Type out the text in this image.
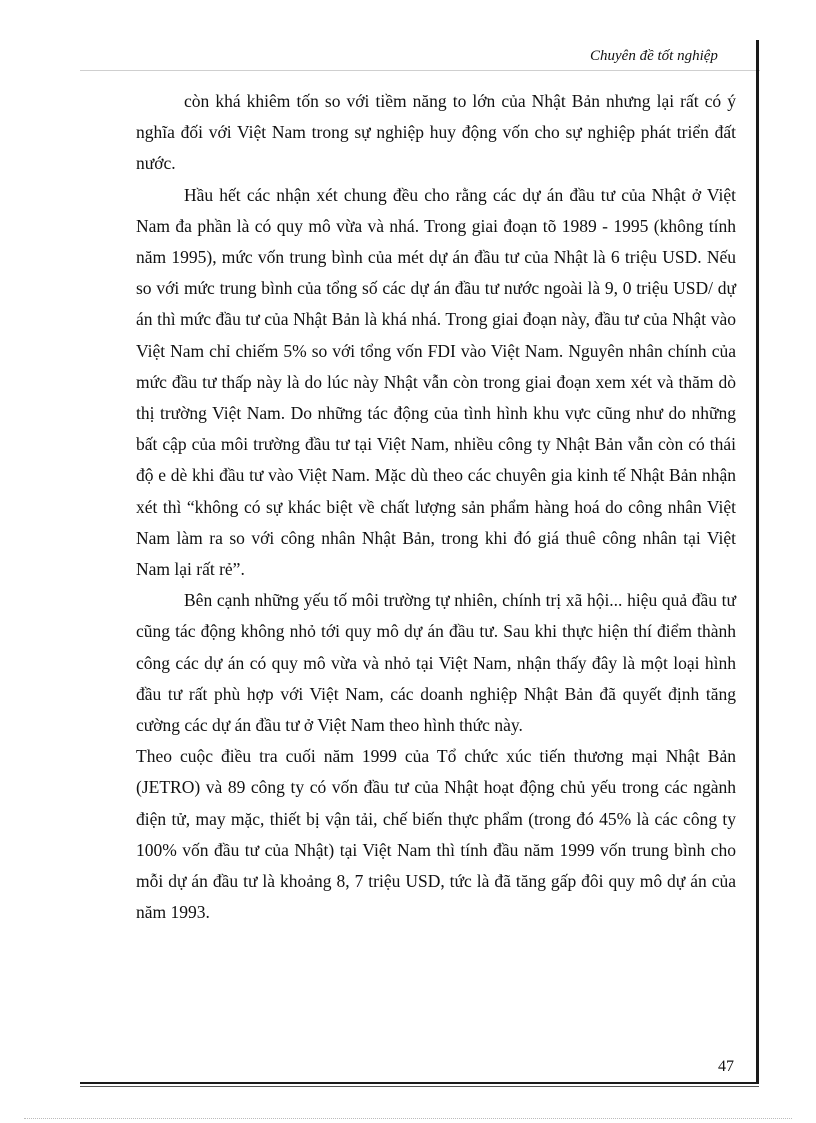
Chuyên đề tốt nghiệp

còn khá khiêm tốn so với tiềm năng to lớn của Nhật Bản nhưng lại rất có ý nghĩa đối với Việt Nam trong sự nghiệp huy động vốn cho sự nghiệp phát triển đất nước.

Hầu hết các nhận xét chung đều cho rằng các dự án đầu tư của Nhật ở Việt Nam đa phần là có quy mô vừa và nhá. Trong giai đoạn tõ 1989 - 1995 (không tính năm 1995), mức vốn trung bình của mét dự án đầu tư của Nhật là 6 triệu USD. Nếu so với mức trung bình của tổng số các dự án đầu tư nước ngoài là 9, 0 triệu USD/ dự án thì mức đầu tư của Nhật Bản là khá nhá. Trong giai đoạn này, đầu tư của Nhật vào Việt Nam chỉ chiếm 5% so với tổng vốn FDI vào Việt Nam. Nguyên nhân chính của mức đầu tư thấp này là do lúc này Nhật vẫn còn trong giai đoạn xem xét và thăm dò thị trường Việt Nam. Do những tác động của tình hình khu vực cũng như do những bất cập của môi trường đầu tư tại Việt Nam, nhiều công ty Nhật Bản vẫn còn có thái độ e dè khi đầu tư vào Việt Nam. Mặc dù theo các chuyên gia kinh tế Nhật Bản nhận xét thì “không có sự khác biệt về chất lượng sản phẩm hàng hoá do công nhân Việt Nam làm ra so với công nhân Nhật Bản, trong khi đó giá thuê công nhân tại Việt Nam lại rất rẻ”.

Bên cạnh những yếu tố môi trường tự nhiên, chính trị xã hội... hiệu quả đầu tư cũng tác động không nhỏ tới quy mô dự án đầu tư. Sau khi thực hiện thí điểm thành công các dự án có quy mô vừa và nhỏ tại Việt Nam, nhận thấy đây là một loại hình đầu tư rất phù hợp với Việt Nam, các doanh nghiệp Nhật Bản đã quyết định tăng cường các dự án đầu tư ở Việt Nam theo hình thức này.

Theo cuộc điều tra cuối năm 1999 của Tổ chức xúc tiến thương mại Nhật Bản (JETRO) và 89 công ty có vốn đầu tư của Nhật hoạt động chủ yếu trong các ngành điện tử, may mặc, thiết bị vận tải, chế biến thực phẩm (trong đó 45% là các công ty 100% vốn đầu tư của Nhật) tại Việt Nam thì tính đầu năm 1999 vốn trung bình cho mỗi dự án đầu tư là khoảng 8, 7 triệu USD, tức là đã tăng gấp đôi quy mô dự án của năm 1993.

47
